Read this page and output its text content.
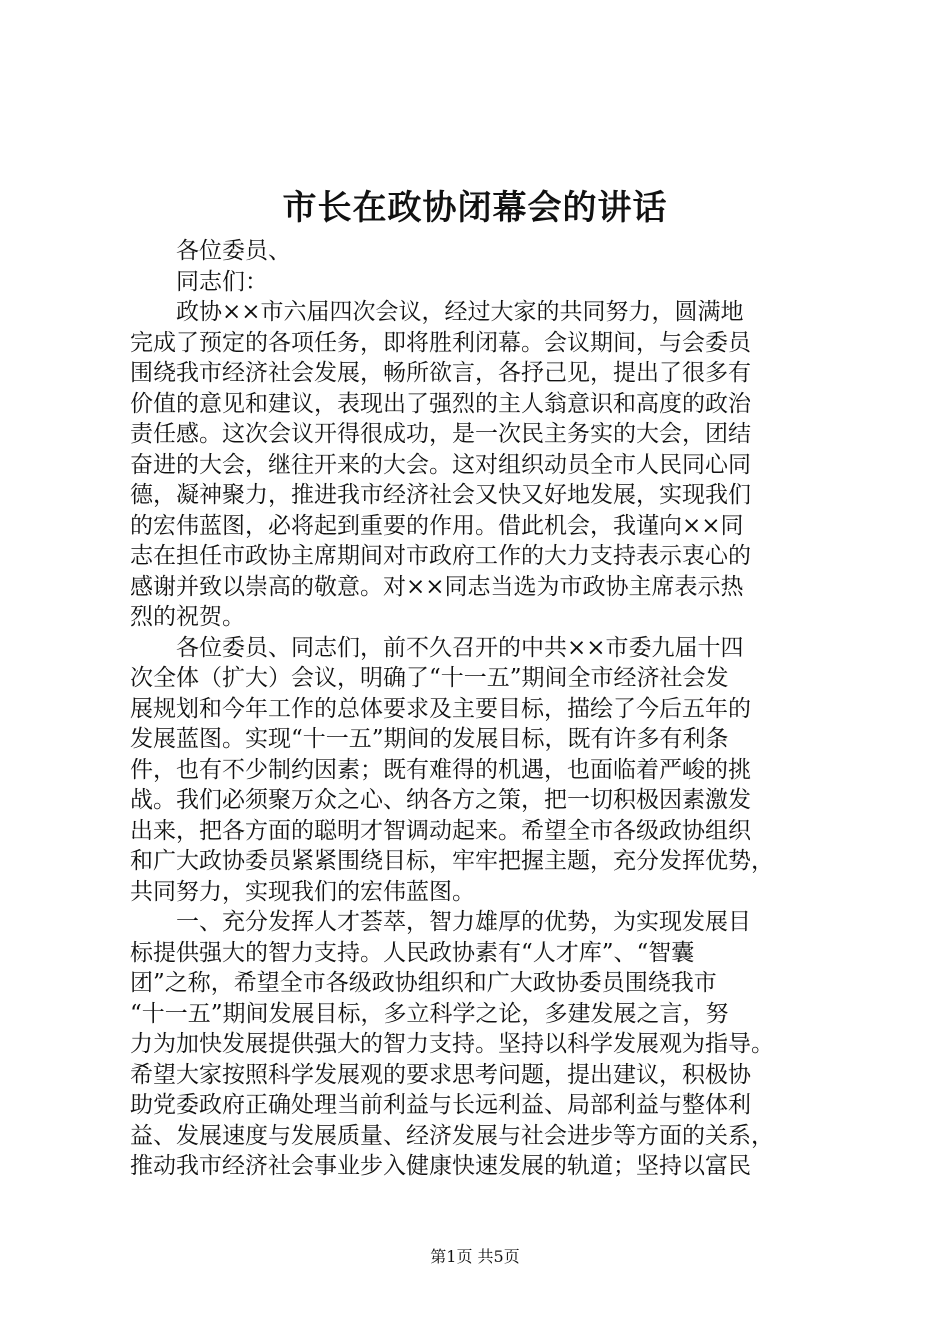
市长在政协闭幕会的讲话
各位委员、
同志们：
政协××市六届四次会议，经过大家的共同努力，圆满地
完成了预定的各项任务，即将胜利闭幕。会议期间，与会委员
围绕我市经济社会发展，畅所欲言，各抒己见，提出了很多有
价值的意见和建议，表现出了强烈的主人翁意识和高度的政治
责任感。这次会议开得很成功，是一次民主务实的大会，团结
奋进的大会，继往开来的大会。这对组织动员全市人民同心同
德，凝神聚力，推进我市经济社会又快又好地发展，实现我们
的宏伟蓝图，必将起到重要的作用。借此机会，我谨向××同
志在担任市政协主席期间对市政府工作的大力支持表示衷心的
感谢并致以崇高的敬意。对××同志当选为市政协主席表示热
烈的祝贺。
各位委员、同志们，前不久召开的中共××市委九届十四
次全体（扩大）会议，明确了“十一五”期间全市经济社会发
展规划和今年工作的总体要求及主要目标，描绘了今后五年的
发展蓝图。实现“十一五”期间的发展目标，既有许多有利条
件，也有不少制约因素；既有难得的机遇，也面临着严峻的挑
战。我们必须聚万众之心、纳各方之策，把一切积极因素激发
出来，把各方面的聪明才智调动起来。希望全市各级政协组织
和广大政协委员紧紧围绕目标，牢牢把握主题，充分发挥优势，
共同努力，实现我们的宏伟蓝图。
一、充分发挥人才荟萃，智力雄厚的优势，为实现发展目
标提供强大的智力支持。人民政协素有“人才库”、“智囊
团”之称，希望全市各级政协组织和广大政协委员围绕我市
“十一五”期间发展目标，多立科学之论，多建发展之言，努
力为加快发展提供强大的智力支持。坚持以科学发展观为指导。
希望大家按照科学发展观的要求思考问题，提出建议，积极协
助党委政府正确处理当前利益与长远利益、局部利益与整体利
益、发展速度与发展质量、经济发展与社会进步等方面的关系，
推动我市经济社会事业步入健康快速发展的轨道；坚持以富民
第1页 共5页
